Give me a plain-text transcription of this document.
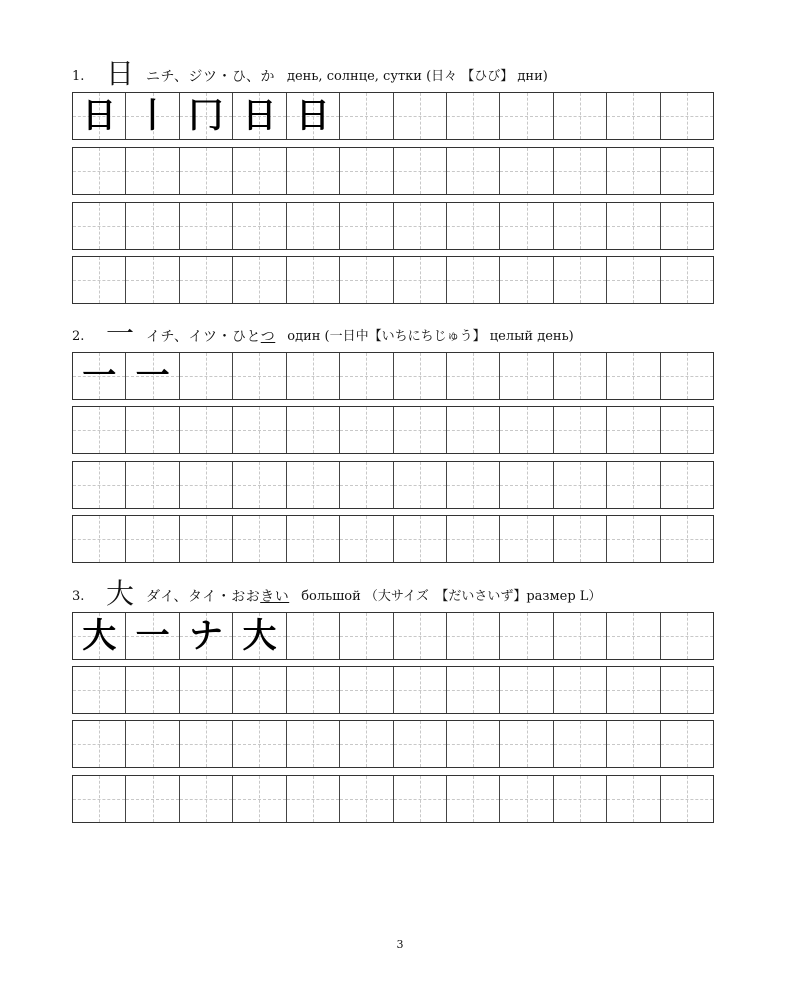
1. 日 ニチ、ジツ・ひ、か день, солнце, сутки (日々 【ひび】 дни)
日 丨 冂 日 日
2. 一 イチ、イツ・ひとつ один (一日中【いちにちじゅう】 целый день)
一 一
3. 大 ダイ、タイ・おおきい большой （大サイズ　【だいさいず】размер L）
大 一 ナ 大
3
